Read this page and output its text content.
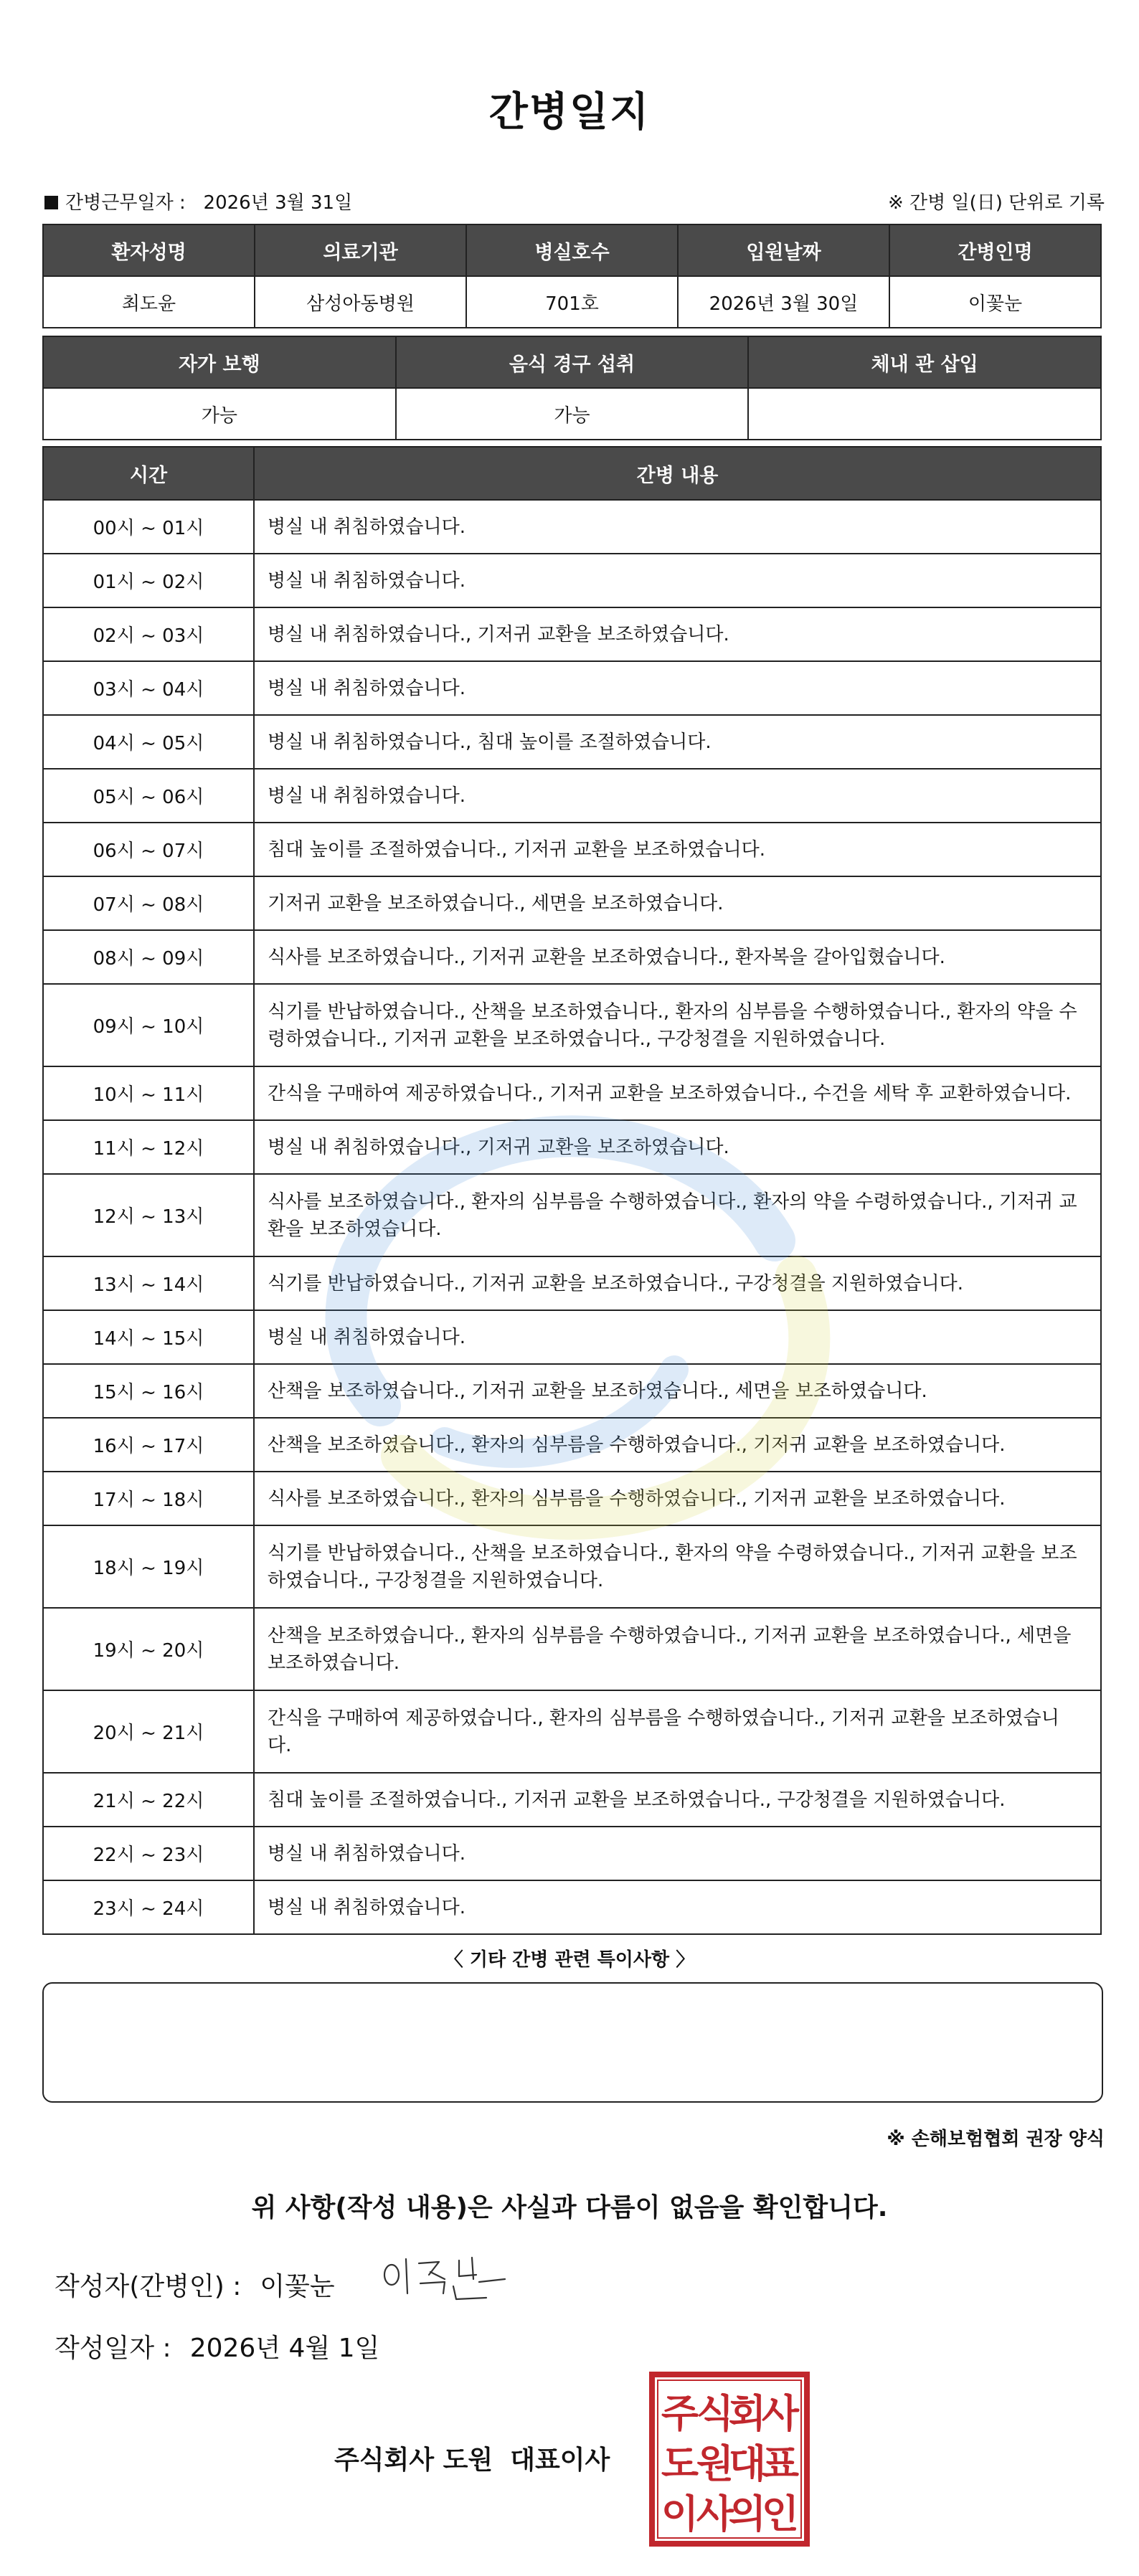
간병일지
간병근무일자 : 2026년 3월 31일	※ 간병 일(日) 단위로 기록
환자성명	의료기관	병실호수	입원날짜	간병인명
최도윤	삼성아동병원	701호	2026년 3월 30일	이꽃눈
자가 보행	음식 경구 섭취	체내 관 삽입
가능	가능	
시간	간병 내용
00시 ~ 01시	병실 내 취침하였습니다.

01시 ~ 02시	병실 내 취침하였습니다.

02시 ~ 03시	병실 내 취침하였습니다., 기저귀 교환을 보조하였습니다.

03시 ~ 04시	병실 내 취침하였습니다.

04시 ~ 05시	병실 내 취침하였습니다., 침대 높이를 조절하였습니다.

05시 ~ 06시	병실 내 취침하였습니다.

06시 ~ 07시	침대 높이를 조절하였습니다., 기저귀 교환을 보조하였습니다.

07시 ~ 08시	기저귀 교환을 보조하였습니다., 세면을 보조하였습니다.

08시 ~ 09시	식사를 보조하였습니다., 기저귀 교환을 보조하였습니다., 환자복을 갈아입혔습니다.

09시 ~ 10시	식기를 반납하였습니다., 산책을 보조하였습니다., 환자의 심부름을 수행하였습니다., 환자의 약을 수
령하였습니다., 기저귀 교환을 보조하였습니다., 구강청결을 지원하였습니다.

10시 ~ 11시	간식을 구매하여 제공하였습니다., 기저귀 교환을 보조하였습니다., 수건을 세탁 후 교환하였습니다.

11시 ~ 12시	병실 내 취침하였습니다., 기저귀 교환을 보조하였습니다.

12시 ~ 13시	식사를 보조하였습니다., 환자의 심부름을 수행하였습니다., 환자의 약을 수령하였습니다., 기저귀 교
환을 보조하였습니다.

13시 ~ 14시	식기를 반납하였습니다., 기저귀 교환을 보조하였습니다., 구강청결을 지원하였습니다.

14시 ~ 15시	병실 내 취침하였습니다.

15시 ~ 16시	산책을 보조하였습니다., 기저귀 교환을 보조하였습니다., 세면을 보조하였습니다.

16시 ~ 17시	산책을 보조하였습니다., 환자의 심부름을 수행하였습니다., 기저귀 교환을 보조하였습니다.

17시 ~ 18시	식사를 보조하였습니다., 환자의 심부름을 수행하였습니다., 기저귀 교환을 보조하였습니다.

18시 ~ 19시	식기를 반납하였습니다., 산책을 보조하였습니다., 환자의 약을 수령하였습니다., 기저귀 교환을 보조
하였습니다., 구강청결을 지원하였습니다.

19시 ~ 20시	산책을 보조하였습니다., 환자의 심부름을 수행하였습니다., 기저귀 교환을 보조하였습니다., 세면을
보조하였습니다.

20시 ~ 21시	간식을 구매하여 제공하였습니다., 환자의 심부름을 수행하였습니다., 기저귀 교환을 보조하였습니
다.

21시 ~ 22시	침대 높이를 조절하였습니다., 기저귀 교환을 보조하였습니다., 구강청결을 지원하였습니다.

22시 ~ 23시	병실 내 취침하였습니다.

23시 ~ 24시	병실 내 취침하였습니다.
〈 기타 간병 관련 특이사항 〉
※ 손해보험협회 권장 양식
위 사항(작성 내용)은 사실과 다름이 없음을 확인합니다.
작성자(간병인) : 이꽃눈
작성일자 : 2026년 4월 1일
주식회사 도원 대표이사
주
식
회
사
도
원
대
표
이
사
의
인
